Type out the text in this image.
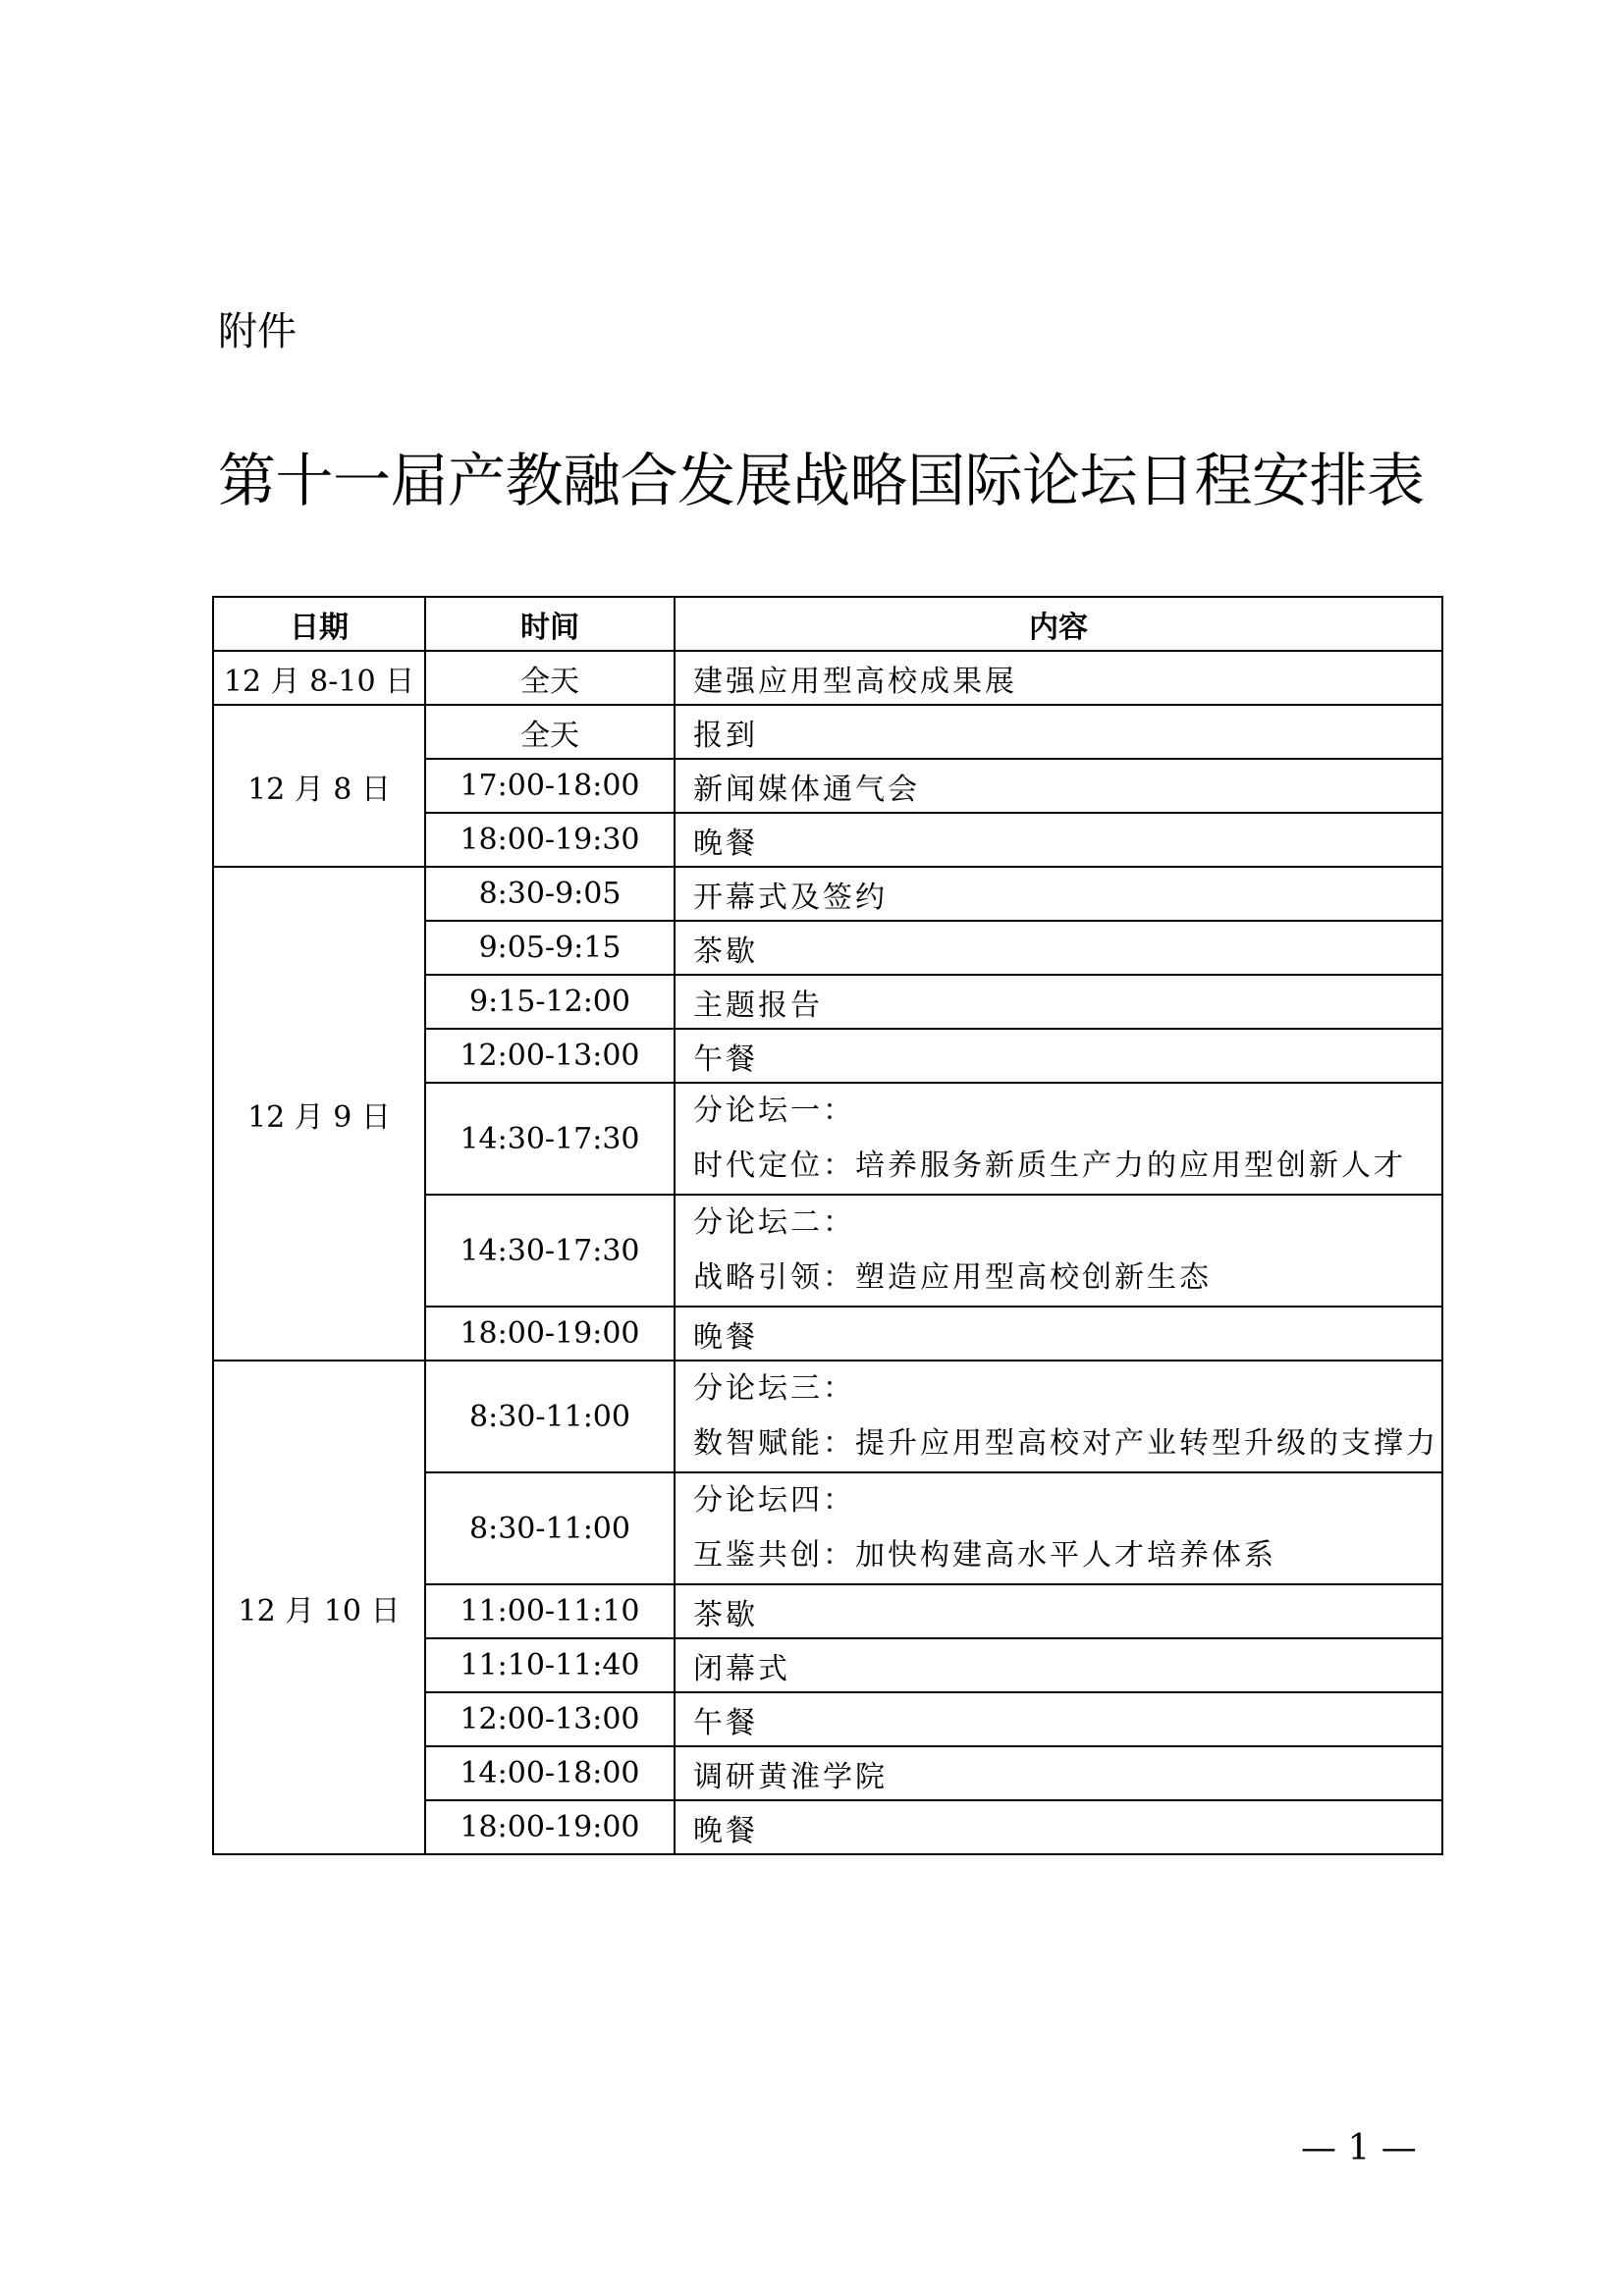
附件
第十一届产教融合发展战略国际论坛日程安排表
日期	时间	内容
12 月 8-10 日	全天	建强应用型高校成果展
12 月 8 日	全天	报到
	17:00-18:00	新闻媒体通气会
	18:00-19:30	晚餐
12 月 9 日	8:30-9:05	开幕式及签约
	9:05-9:15	茶歇
	9:15-12:00	主题报告
	12:00-13:00	午餐
	14:30-17:30	分论坛一：
时代定位：培养服务新质生产力的应用型创新人才

	14:30-17:30	分论坛二：
战略引领：塑造应用型高校创新生态

	18:00-19:00	晚餐
12 月 10 日	8:30-11:00	分论坛三：
数智赋能：提升应用型高校对产业转型升级的支撑力

	8:30-11:00	分论坛四：
互鉴共创：加快构建高水平人才培养体系

	11:00-11:10	茶歇
	11:10-11:40	闭幕式
	12:00-13:00	午餐
	14:00-18:00	调研黄淮学院
	18:00-19:00	晚餐
— 1 —
